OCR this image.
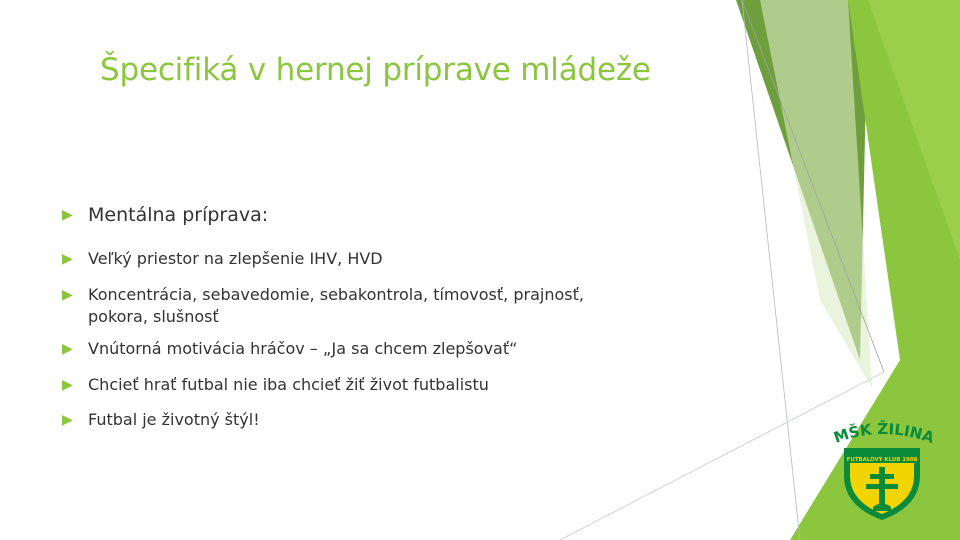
Špecifiká v hernej príprave mládeže
▶ Mentálna príprava:
▶ Veľký priestor na zlepšenie IHV, HVD
▶ Koncentrácia, sebavedomie, sebakontrola, tímovosť, prajnosť, pokora, slušnosť
▶ Vnútorná motivácia hráčov – „Ja sa chcem zlepšovať“
▶ Chcieť hrať futbal nie iba chcieť žiť život futbalistu
▶ Futbal je životný štýl!
MŠK ŽILINA
FUTBALOVÝ KLUB 1908
